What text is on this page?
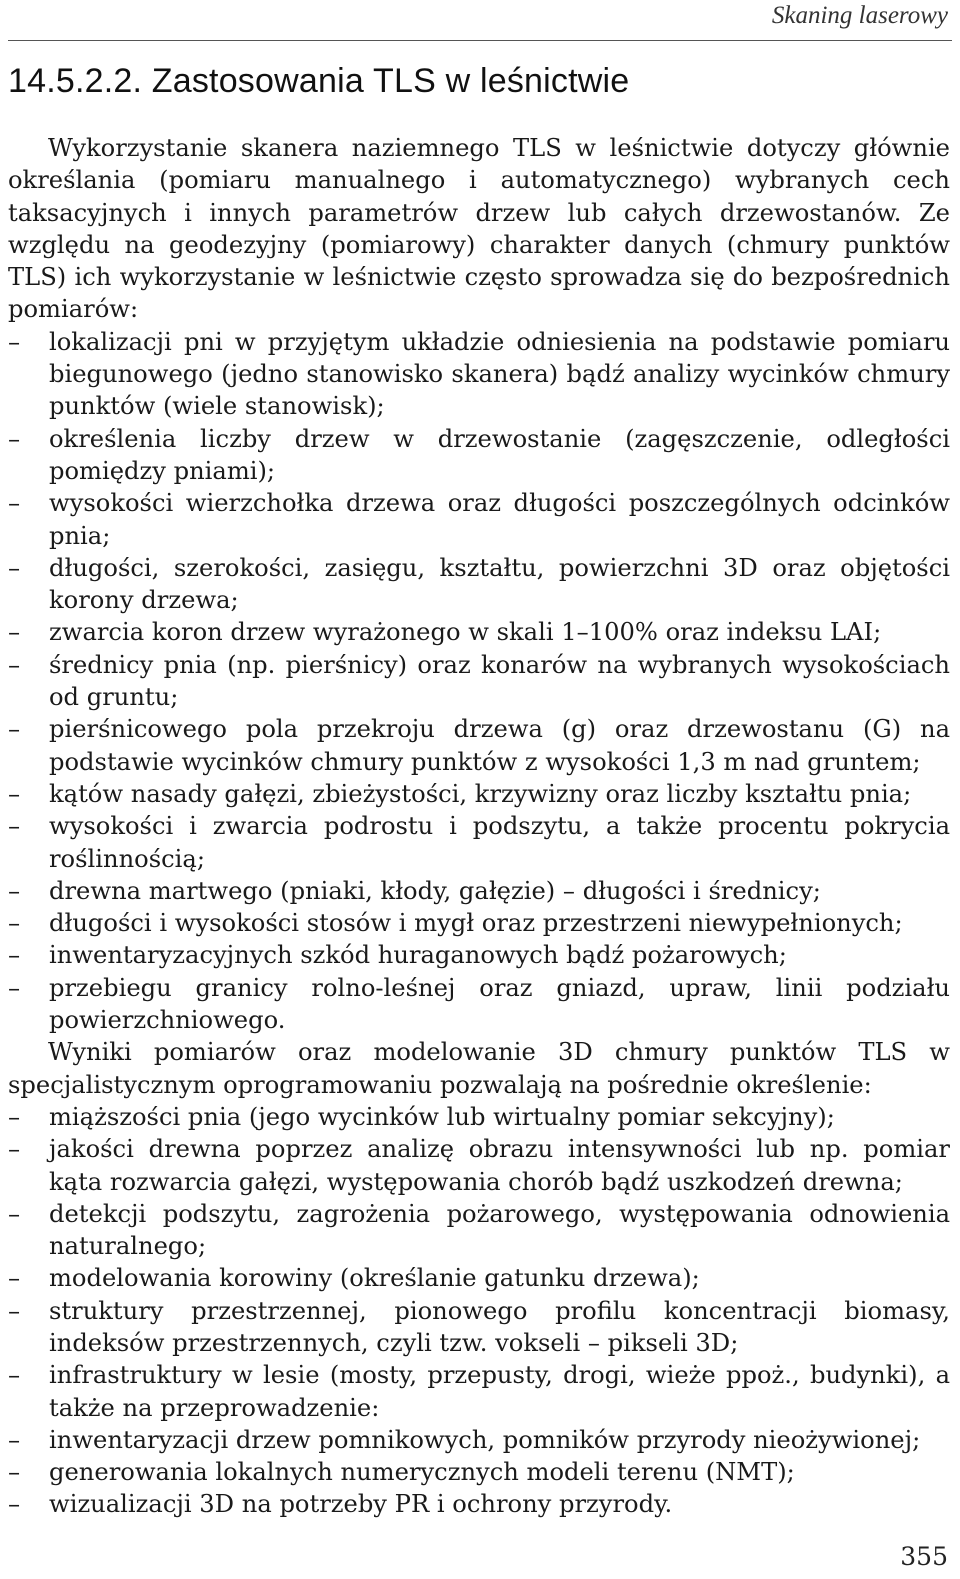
Skaning laserowy
14.5.2.2. Zastosowania TLS w leśnictwie

Wykorzystanie skanera naziemnego TLS w leśnictwie dotyczy głównie określania (pomiaru manualnego i automatycznego) wybranych cech taksacyjnych i innych parametrów drzew lub całych drzewostanów. Ze względu na geodezyjny (pomiarowy) charakter danych (chmury punktów TLS) ich wykorzystanie w leśnictwie często sprowadza się do bezpośrednich pomiarów:

– lokalizacji pni w przyjętym układzie odniesienia na podstawie pomiaru biegunowego (jedno stanowisko skanera) bądź analizy wycinków chmury punktów (wiele stanowisk);
– określenia liczby drzew w drzewostanie (zagęszczenie, odległości pomiędzy pniami);
– wysokości wierzchołka drzewa oraz długości poszczególnych odcinków pnia;
– długości, szerokości, zasięgu, kształtu, powierzchni 3D oraz objętości korony drzewa;
– zwarcia koron drzew wyrażonego w skali 1–100% oraz indeksu LAI;
– średnicy pnia (np. pierśnicy) oraz konarów na wybranych wysokościach od gruntu;
– pierśnicowego pola przekroju drzewa (g) oraz drzewostanu (G) na podstawie wycinków chmury punktów z wysokości 1,3 m nad gruntem;
– kątów nasady gałęzi, zbieżystości, krzywizny oraz liczby kształtu pnia;
– wysokości i zwarcia podrostu i podszytu, a także procentu pokrycia roślinnością;
– drewna martwego (pniaki, kłody, gałęzie) – długości i średnicy;
– długości i wysokości stosów i mygł oraz przestrzeni niewypełnionych;
– inwentaryzacyjnych szkód huraganowych bądź pożarowych;
– przebiegu granicy rolno-leśnej oraz gniazd, upraw, linii podziału powierzchniowego.

Wyniki pomiarów oraz modelowanie 3D chmury punktów TLS w specjalistycznym oprogramowaniu pozwalają na pośrednie określenie:

– miąższości pnia (jego wycinków lub wirtualny pomiar sekcyjny);
– jakości drewna poprzez analizę obrazu intensywności lub np. pomiar kąta rozwarcia gałęzi, występowania chorób bądź uszkodzeń drewna;
– detekcji podszytu, zagrożenia pożarowego, występowania odnowienia naturalnego;
– modelowania korowiny (określanie gatunku drzewa);
– struktury przestrzennej, pionowego profilu koncentracji biomasy, indeksów przestrzennych, czyli tzw. vokseli – pikseli 3D;
– infrastruktury w lesie (mosty, przepusty, drogi, wieże ppoż., budynki), a także na przeprowadzenie:
– inwentaryzacji drzew pomnikowych, pomników przyrody nieożywionej;
– generowania lokalnych numerycznych modeli terenu (NMT);
– wizualizacji 3D na potrzeby PR i ochrony przyrody.
355
